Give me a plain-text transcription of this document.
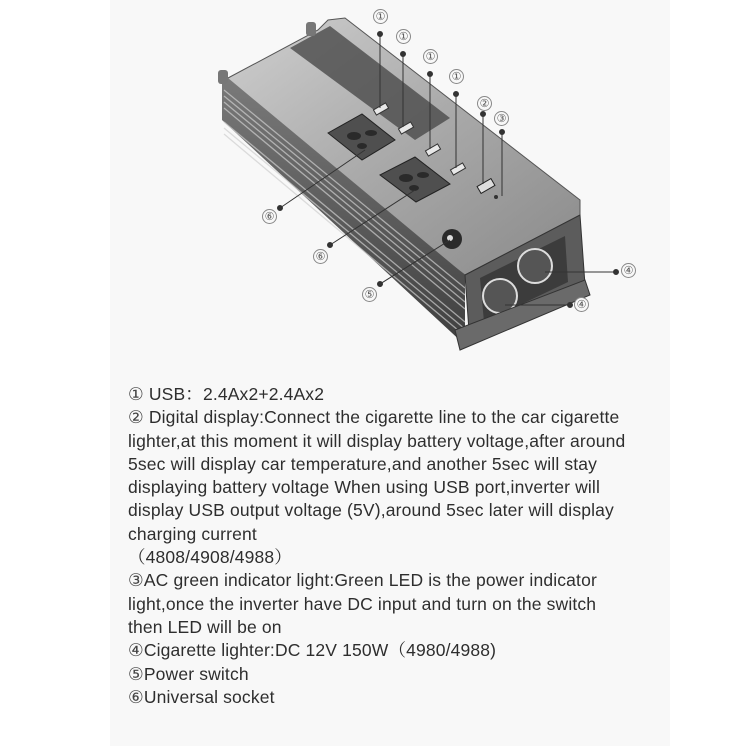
①
①
①
①
②
③
⑥
⑥
⑤
④
④

① USB：2.4Ax2+2.4Ax2

② Digital display:Connect the cigarette line to the car cigarette

lighter,at this moment it will display battery voltage,after around

5sec will display car temperature,and another 5sec will stay

displaying battery voltage When using USB port,inverter will

display USB output voltage (5V),around 5sec later will display

charging current

（4808/4908/4988）

③AC green indicator light:Green LED is the power indicator

light,once the inverter have DC input and turn on the switch

then LED will be on

④Cigarette lighter:DC 12V 150W（4980/4988)

⑤Power switch

⑥Universal socket
